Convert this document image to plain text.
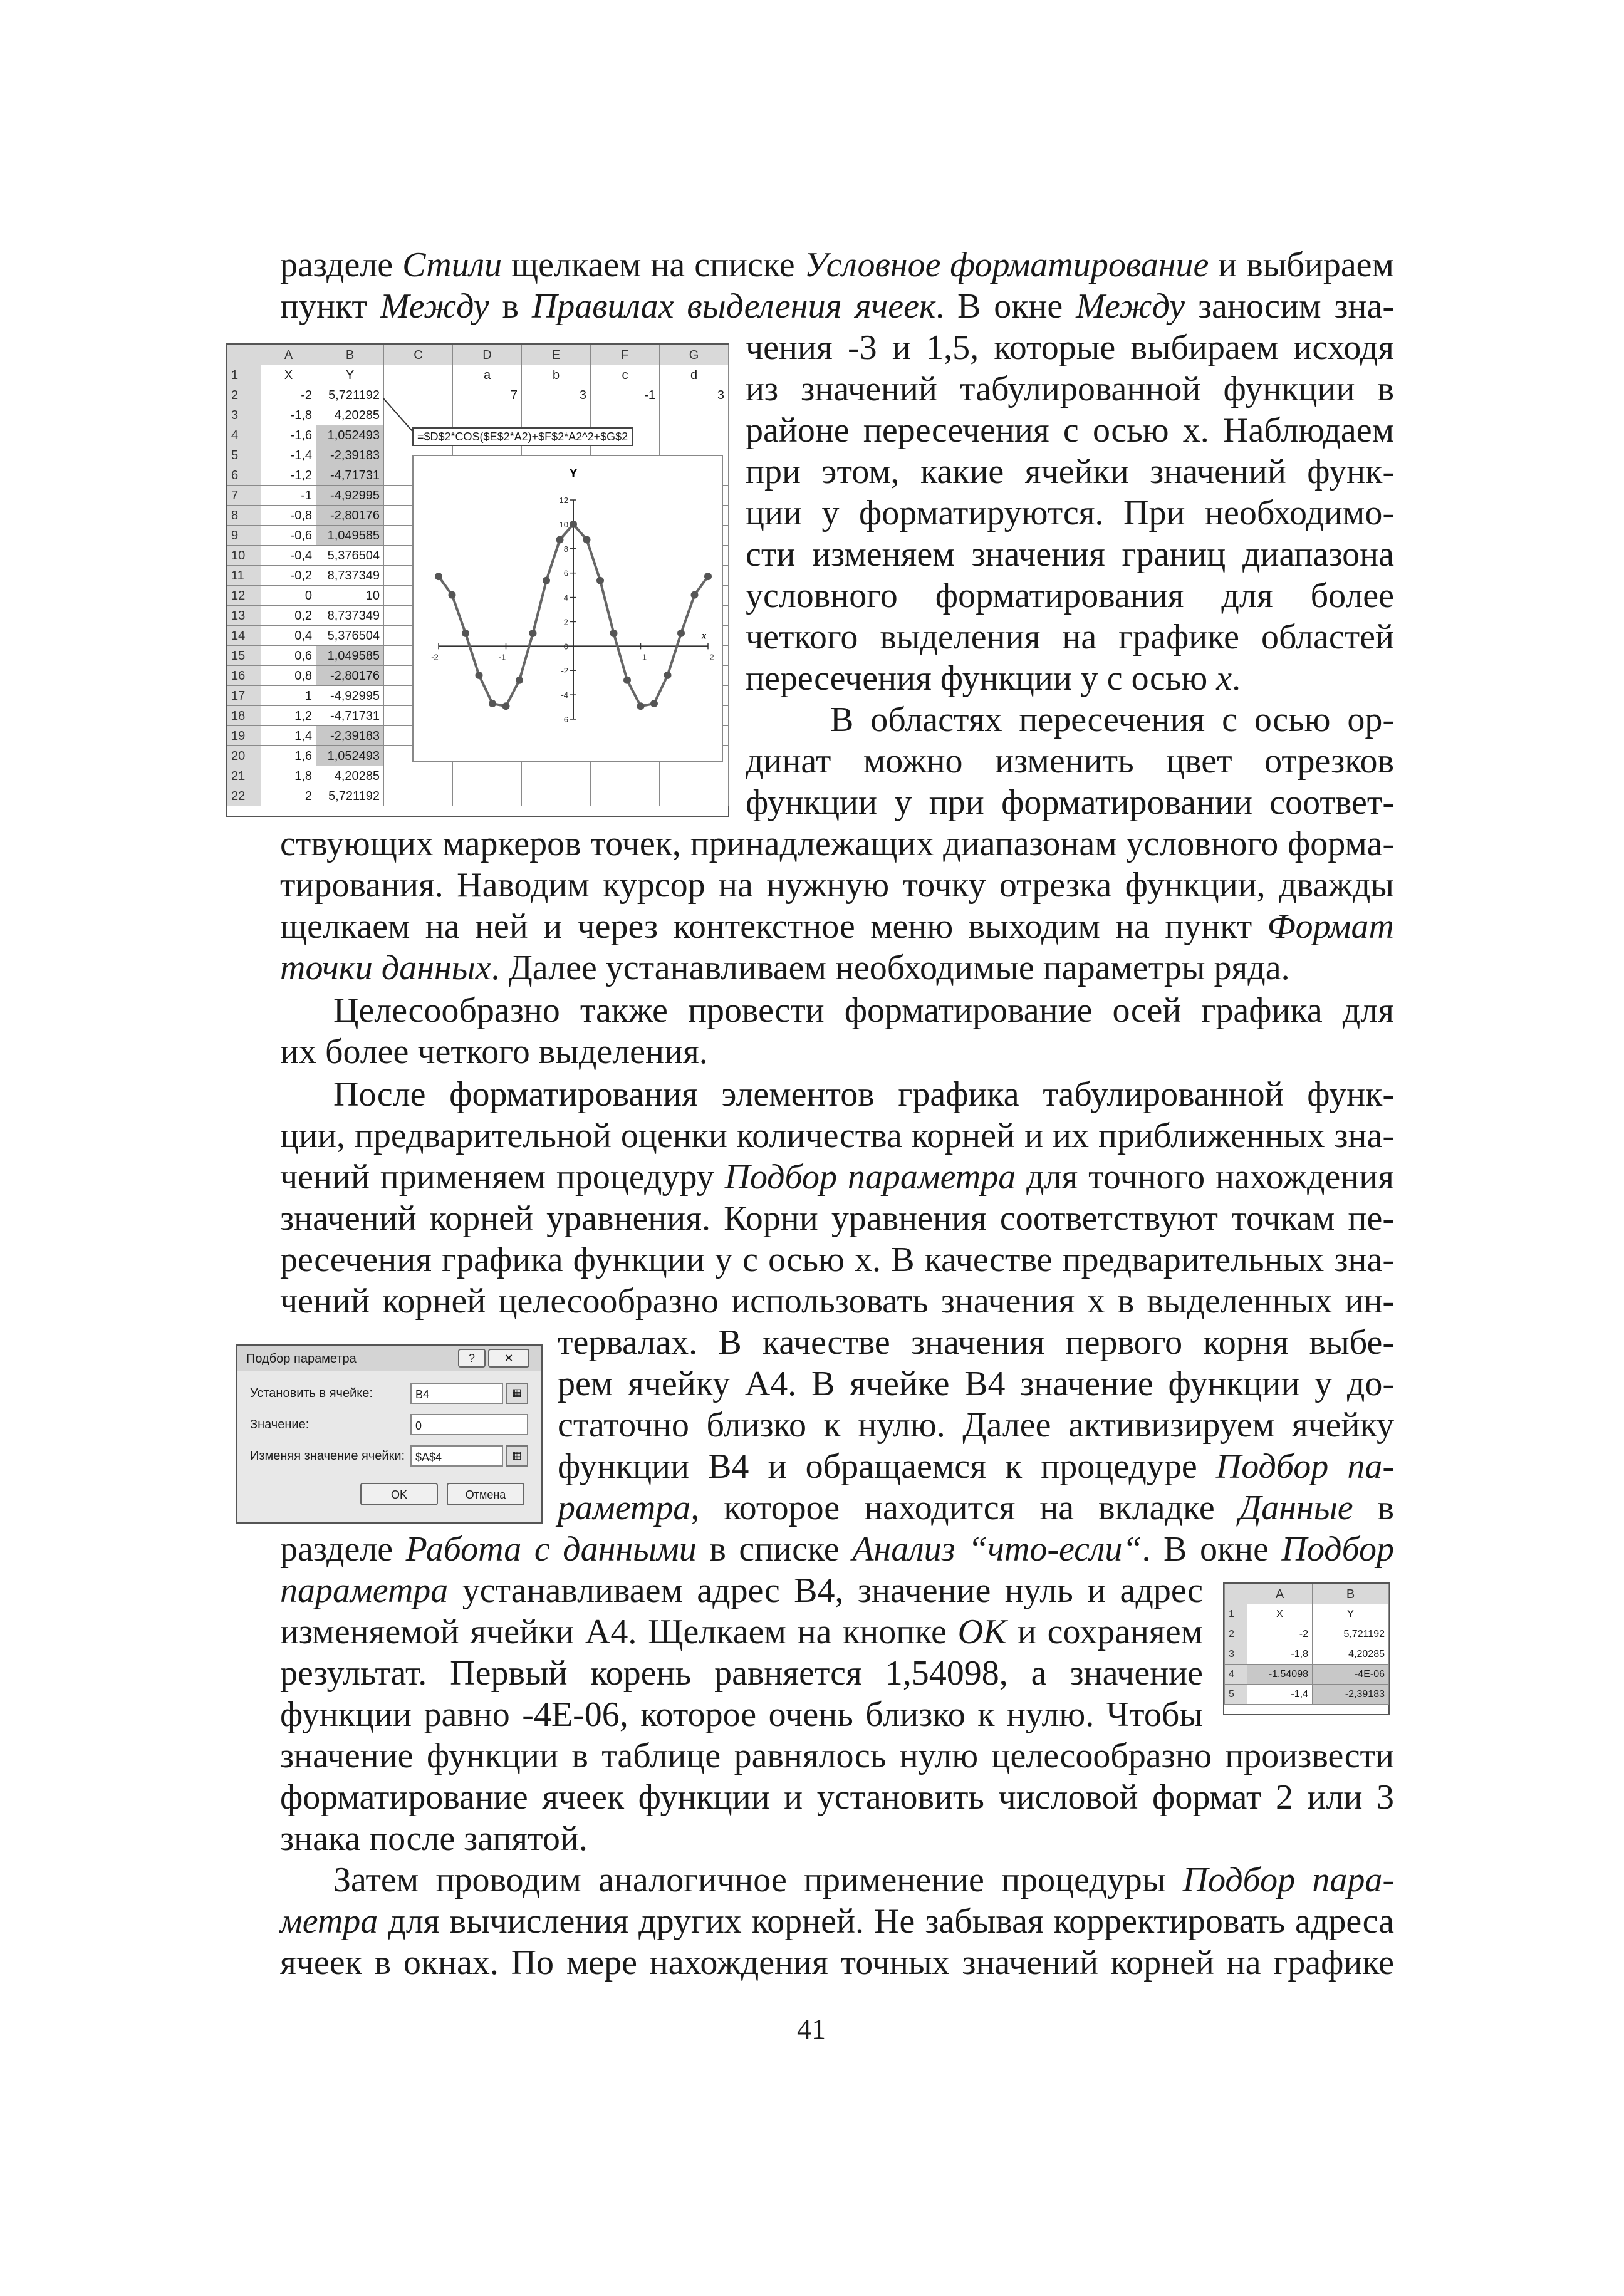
разделе Стили щелкаем на списке Условное форматирование и выбираем
пункт Между в Правилах выделения ячеек. В окне Между заносим зна-
чения -3 и 1,5, которые выбираем исходя
из значений табулированной функции в
районе пересечения с осью x. Наблюдаем
при этом, какие ячейки значений функ-
ции y форматируются. При необходимо-
сти изменяем значения границ диапазона
условного форматирования для более
четкого выделения на графике областей
пересечения функции y с осью x.
В областях пересечения с осью ор-
динат можно изменить цвет отрезков
функции y при форматировании соответ-
ствующих маркеров точек, принадлежащих диапазонам условного форма-
тирования. Наводим курсор на нужную точку отрезка функции, дважды
щелкаем на ней и через контекстное меню выходим на пункт Формат
точки данных. Далее устанавливаем необходимые параметры ряда.
Целесообразно также провести форматирование осей графика для
их более четкого выделения.
После форматирования элементов графика табулированной функ-
ции, предварительной оценки количества корней и их приближенных зна-
чений применяем процедуру Подбор параметра для точного нахождения
значений корней уравнения. Корни уравнения соответствуют точкам пе-
ресечения графика функции y с осью x. В качестве предварительных зна-
чений корней целесообразно использовать значения x в выделенных ин-
тервалах. В качестве значения первого корня выбе-
рем ячейку A4. В ячейке B4 значение функции y до-
статочно близко к нулю. Далее активизируем ячейку
функции B4 и обращаемся к процедуре Подбор па-
раметра, которое находится на вкладке Данные в
разделе Работа с данными в списке Анализ “что-если“. В окне Подбор
параметра устанавливаем адрес B4, значение нуль и адрес
изменяемой ячейки A4. Щелкаем на кнопке ОК и сохраняем
результат. Первый корень равняется 1,54098, а значение
функции равно -4Е-06, которое очень близко к нулю. Чтобы
значение функции в таблице равнялось нулю целесообразно произвести
форматирование ячеек функции и установить числовой формат 2 или 3
знака после запятой.
Затем проводим аналогичное применение процедуры Подбор пара-
метра для вычисления других корней. Не забывая корректировать адреса
ячеек в окнах. По мере нахождения точных значений корней на графике
41
	A	B	C	D	E	F	G
1	X	Y		a	b	c	d
2	-2	5,721192		7	3	-1	3
3	-1,8	4,20285					
4	-1,6	1,052493					
5	-1,4	-2,39183					
6	-1,2	-4,71731					
7	-1	-4,92995					
8	-0,8	-2,80176					
9	-0,6	1,049585					
10	-0,4	5,376504					
11	-0,2	8,737349					
12	0	10					
13	0,2	8,737349					
14	0,4	5,376504					
15	0,6	1,049585					
16	0,8	-2,80176					
17	1	-4,92995					
18	1,2	-4,71731					
19	1,4	-2,39183					
20	1,6	1,052493					
21	1,8	4,20285					
22	2	5,721192					
=$D$2*COS($E$2*A2)+$F$2*A2^2+$G$2
Y
12
10
8
6
4
2
0
-2
-4
-6
-2	-1	1	2
x
Подбор параметра	?	✕
Установить в ячейке:	B4	▦
Значение:	0
Изменяя значение ячейки: $A$4	▦
OK	Отмена
	A	B
1	X	Y
2	-2	5,721192
3	-1,8	4,20285
4	-1,54098	-4E-06
5	-1,4	-2,39183
